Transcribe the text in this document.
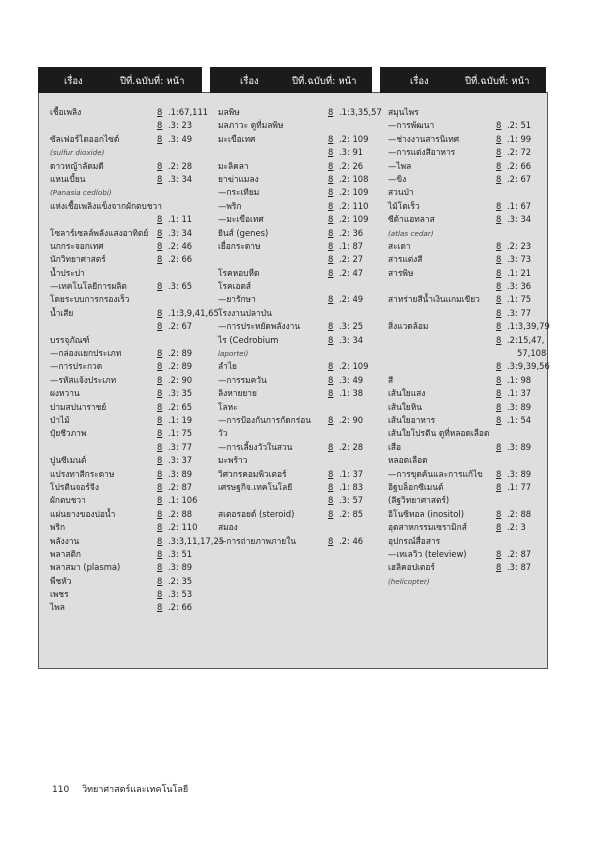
เรื่อง	ปีที่.ฉบับที่: หน้า	เรื่อง	ปีที่.ฉบับที่: หน้า	เรื่อง	ปีที่.ฉบับที่: หน้า
เชื้อเพลิง	8 .1:67,111
8 .3: 23
ซัลเฟอร์ไดออกไซด์	8 .3: 49
(sulfur dioxide)
ดาวหญ้าลัดมดี	8 .2: 28
แหนเบี้ยน	8 .3: 34
(Panasia cedlobi)
แห่งเชื้อเพลิงแข็งจากผักตบชวา
8 .1: 11
โซลาร์เซลล์พลังแสงอาทิตย์ 8 .3: 34
นกกระจอกเทศ	8 .2: 46
นักวิทยาศาสตร์	8 .2: 66
น้ำประปา
—เทคโนโลยีการผลิต	8 .3: 65
โดยระบบการกรองเร็ว
น้ำเสีย	8 .1:3,9,41,65
8 .2: 67
บรรจุภัณฑ์
—กล่องแยกประเภท	8 .2: 89
—การประกวด	8 .2: 89
—รหัสแจ้งประเภท	8 .2: 90
ผงหวาน	8 .3: 35
ปามสปนาราชย์	8 .2: 65
ป่าไม้	8 .1: 19
ปุ๋ยชีวภาพ	8 .1: 75
8 .3: 77
ปูนซีเมนต์	8 .3: 37
แปรงทาสีกระดาษ	8 .3: 89
โปรตีนจอร์จีง	8 .2: 87
ผักตบชวา	8 .1: 106
แผ่นยางของบ่อน้ำ	8 .2: 88
พริก	8 .2: 110
พลังงาน	8 .3:3,11,17,25
พลาสติก	8 .3: 51
พลาสมา (plasma)	8 .3: 89
พืชหัว	8 .2: 35
เพชร	8 .3: 53
ไพล	8 .2: 66
มลพิษ	8 .1:3,35,57
มลภาวะ ดูที่มลพิษ
มะเขือเทศ	8 .2: 109
8 .3: 91
มะลิคลา	8 .2: 26
ยาฆ่าแมลง	8 .2: 108
—กระเทียม	8 .2: 109
—พริก	8 .2: 110
—มะเขือเทศ	8 .2: 109
ยีนส์ (genes)	8 .2: 36
เยื่อกระดาษ	8 .1: 87
8 .2: 27
โรคหอบหืด	8 .2: 47
โรคเอดส์
—ยารักษา	8 .2: 49
โรงงานปลาป่น
—การประหยัดพลังงาน	8 .3: 25
ไร (Cedrobium	8 .3: 34
laportei)
ลำไย	8 .2: 109
—การรมควัน	8 .3: 49
ลิงหายยาย	8 .1: 38
โลหะ
—การป้องกันการกัดกร่อน 8 .2: 90
วัว
—การเลี้ยงวัวในสวน	8 .2: 28
มะพร้าว
วิศวกรคอมพิวเตอร์	8 .1: 37
เศรษฐกิจ.เทคโนโลยี	8 .1: 83
8 .3: 57
สเตอรอยด์ (steroid)	8 .2: 85
สมอง
—การถ่ายภาพภายใน	8 .2: 46
สมุนไพร
—การพัฒนา	8 .2: 51
—ช่างงานสารนิเทศ	8 .1: 99
—การแต่งสีอาหาร	8 .2: 72
—ไพล	8 .2: 66
—ขิง	8 .2: 67
สวนป่า
ไม้โตเร็ว	8 .1: 67
ซีด้าแอทลาส	8 .3: 34
(atlas cedar)
สะเดา	8 .2: 23
สารแต่งสี	8 .3: 73
สารพิษ	8 .1: 21
8 .3: 36
สาหร่ายสีน้ำเงินแกมเขียว 8 .1: 75
8 .3: 77
สิ่งแวดล้อม	8 .1:3,39,79
8 .2:15,47,
57,108
8 .3:9,39,56
สี	8 .1: 98
เส้นใยแสง	8 .1: 37
เส้นใยหิน	8 .3: 89
เส้นใยอาหาร	8 .1: 54
เส้นใยโปรตีน ดูที่หลอดเลือด
เสือ	8 .3: 89
หลอดเลือด
—การขุดค้นและการแก้ไข 8 .3: 89
อิฐบล็อกซีเมนต์	8 .1: 77
(ลีฐวิทยาศาสตร์)
อิโนซิทอล (inositol)	8 .2: 88
อุตสาหกรรมเซรามิกส์	8 .2: 3
อุปกรณ์สื่อสาร
—เทเลวิว (teleview)	8 .2: 87
เฮลิคอปเตอร์	8 .3: 87
(helicopter)
110 วิทยาศาสตร์และเทคโนโลยี
